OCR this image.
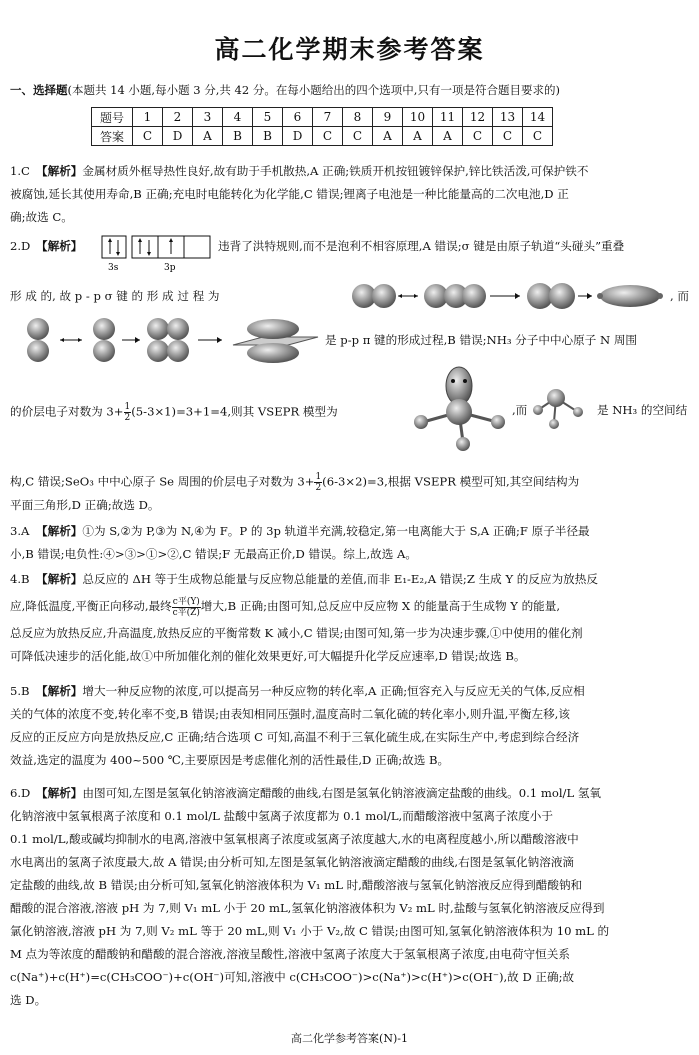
高二化学期末参考答案
一、选择题(本题共 14 小题,每小题 3 分,共 42 分。在每小题给出的四个选项中,只有一项是符合题目要求的)
题号	1	2	3	4	5	6	7	8	9	10	11	12	13	14
答案	C	D	A	B	B	D	C	C	A	A	A	C	C	C
1.C 【解析】金属材质外框导热性良好,故有助于手机散热,A 正确;铁质开机按钮镀锌保护,锌比铁活泼,可保护铁不
被腐蚀,延长其使用寿命,B 正确;充电时电能转化为化学能,C 错误;锂离子电池是一种比能量高的二次电池,D 正
确;故选 C。
2.D 【解析】
3s	3p
违背了洪特规则,而不是泡利不相容原理,A 错误;σ 键是由原子轨道“头碰头”重叠
形 成 的, 故 p - p σ 键 的 形 成 过 程 为	, 而
是 p-p π 键的形成过程,B 错误;NH₃ 分子中中心原子 N 周围
的价层电子对数为 $3+ \frac{1}{2} (5-3\times 1)=3+1=4$,则其 VSEPR 模型为	,而	是 NH₃ 的空间结
构,C 错误;SeO₃ 中中心原子 Se 周围的价层电子对数为 $3+ \frac{1}{2} (6-3\times 2)=3$,根据 VSEPR 模型可知,其空间结构为
平面三角形,D 正确;故选 D。
3.A 【解析】①为 S,②为 P,③为 N,④为 F。P 的 3p 轨道半充满,较稳定,第一电离能大于 S,A 正确;F 原子半径最
小,B 错误;电负性:④>③>①>②,C 错误;F 无最高正价,D 错误。综上,故选 A。
4.B 【解析】总反应的 ΔH 等于生成物总能量与反应物总能量的差值,而非 E₁-E₂,A 错误;Z 生成 Y 的反应为放热反
应,降低温度,平衡正向移动,最终 $\frac{\text{c平(Y)}}{\text{c平(Z)}}$ 增大,B 正确;由图可知,总反应中反应物 X 的能量高于生成物 Y 的能量,
总反应为放热反应,升高温度,放热反应的平衡常数 K 减小,C 错误;由图可知,第一步为决速步骤,①中使用的催化剂
可降低决速步的活化能,故①中所加催化剂的催化效果更好,可大幅提升化学反应速率,D 错误;故选 B。
5.B 【解析】增大一种反应物的浓度,可以提高另一种反应物的转化率,A 正确;恒容充入与反应无关的气体,反应相
关的气体的浓度不变,转化率不变,B 错误;由表知相同压强时,温度高时二氧化硫的转化率小,则升温,平衡左移,该
反应的正反应方向是放热反应,C 正确;结合选项 C 可知,高温不利于三氧化硫生成,在实际生产中,考虑到综合经济
效益,选定的温度为 400~500 ℃,主要原因是考虑催化剂的活性最佳,D 正确;故选 B。
6.D 【解析】由图可知,左图是氢氧化钠溶液滴定醋酸的曲线,右图是氢氧化钠溶液滴定盐酸的曲线。0.1 mol/L 氢氧
化钠溶液中氢氧根离子浓度和 0.1 mol/L 盐酸中氢离子浓度都为 0.1 mol/L,而醋酸溶液中氢离子浓度小于
0.1 mol/L,酸或碱均抑制水的电离,溶液中氢氧根离子浓度或氢离子浓度越大,水的电离程度越小,所以醋酸溶液中
水电离出的氢离子浓度最大,故 A 错误;由分析可知,左图是氢氧化钠溶液滴定醋酸的曲线,右图是氢氧化钠溶液滴
定盐酸的曲线,故 B 错误;由分析可知,氢氧化钠溶液体积为 V₁ mL 时,醋酸溶液与氢氧化钠溶液反应得到醋酸钠和
醋酸的混合溶液,溶液 pH 为 7,则 V₁ mL 小于 20 mL,氢氧化钠溶液体积为 V₂ mL 时,盐酸与氢氧化钠溶液反应得到
氯化钠溶液,溶液 pH 为 7,则 V₂ mL 等于 20 mL,则 V₁ 小于 V₂,故 C 错误;由图可知,氢氧化钠溶液体积为 10 mL 的
M 点为等浓度的醋酸钠和醋酸的混合溶液,溶液呈酸性,溶液中氢离子浓度大于氢氧根离子浓度,由电荷守恒关系
c(Na⁺)+c(H⁺)=c(CH₃COO⁻)+c(OH⁻)可知,溶液中 c(CH₃COO⁻)>c(Na⁺)>c(H⁺)>c(OH⁻),故 D 正确;故
选 D。
高二化学参考答案(N)-1
